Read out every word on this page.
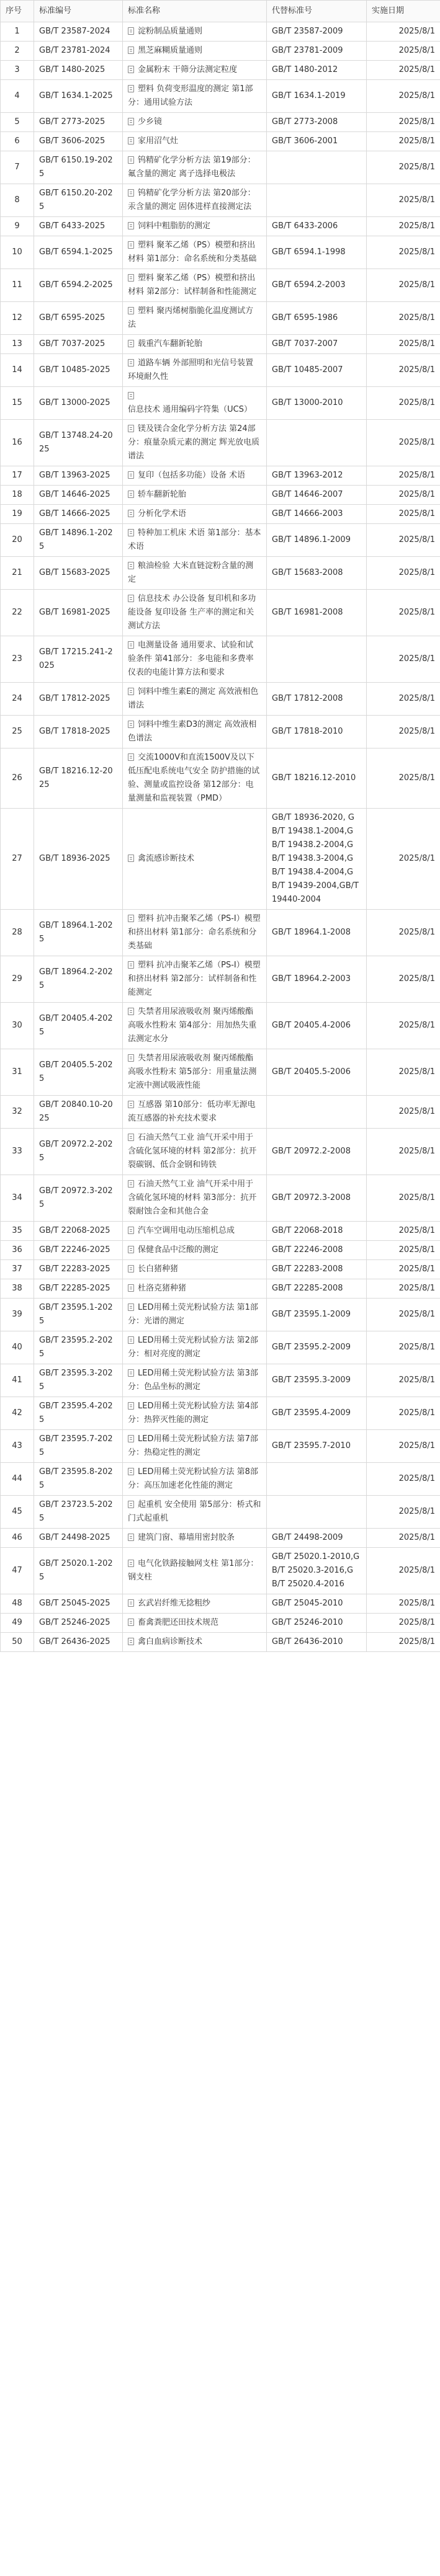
序号	标准编号	标准名称	代替标准号	实施日期
1	GB/T 23587-2024	淀粉制品质量通则	GB/T 23587-2009	2025/8/1
2	GB/T 23781-2024	黑芝麻糊质量通则	GB/T 23781-2009	2025/8/1
3	GB/T 1480-2025	金属粉末 干筛分法测定粒度	GB/T 1480-2012	2025/8/1
4	GB/T 1634.1-2025	塑料 负荷变形温度的测定 第1部分：通用试验方法	GB/T 1634.1-2019	2025/8/1
5	GB/T 2773-2025	少乡镜	GB/T 2773-2008	2025/8/1
6	GB/T 3606-2025	家用沼气灶	GB/T 3606-2001	2025/8/1
7	GB/T 6150.19-2025	钨精矿化学分析方法 第19部分：氟含量的测定 离子选择电极法		2025/8/1
8	GB/T 6150.20-2025	钨精矿化学分析方法 第20部分：汞含量的测定 固体进样直接测定法		2025/8/1
9	GB/T 6433-2025	饲料中粗脂肪的测定	GB/T 6433-2006	2025/8/1
10	GB/T 6594.1-2025	塑料 聚苯乙烯（PS）模塑和挤出材料 第1部分：命名系统和分类基础	GB/T 6594.1-1998	2025/8/1
11	GB/T 6594.2-2025	塑料 聚苯乙烯（PS）模塑和挤出材料 第2部分：试样制备和性能测定	GB/T 6594.2-2003	2025/8/1
12	GB/T 6595-2025	塑料 聚丙烯树脂脆化温度测试方法	GB/T 6595-1986	2025/8/1
13	GB/T 7037-2025	载重汽车翻新轮胎	GB/T 7037-2007	2025/8/1
14	GB/T 10485-2025	道路车辆 外部照明和光信号装置 环境耐久性	GB/T 10485-2007	2025/8/1
15	GB/T 13000-2025	信息技术 通用编码字符集（UCS）	GB/T 13000-2010	2025/8/1
16	GB/T 13748.24-2025	镁及镁合金化学分析方法 第24部分：痕量杂质元素的测定 辉光放电质谱法		2025/8/1
17	GB/T 13963-2025	复印（包括多功能）设备 术语	GB/T 13963-2012	2025/8/1
18	GB/T 14646-2025	轿车翻新轮胎	GB/T 14646-2007	2025/8/1
19	GB/T 14666-2025	分析化学术语	GB/T 14666-2003	2025/8/1
20	GB/T 14896.1-2025	特种加工机床 术语 第1部分：基本术语	GB/T 14896.1-2009	2025/8/1
21	GB/T 15683-2025	粮油检验 大米直链淀粉含量的测定	GB/T 15683-2008	2025/8/1
22	GB/T 16981-2025	信息技术 办公设备 复印机和多功能设备 复印设备 生产率的测定和关测试方法	GB/T 16981-2008	2025/8/1
23	GB/T 17215.241-2025	电测量设备 通用要求、试验和试验条件 第41部分：多电能和多费率仪表的电能计算方法和要求		2025/8/1
24	GB/T 17812-2025	饲料中维生素E的测定 高效液相色谱法	GB/T 17812-2008	2025/8/1
25	GB/T 17818-2025	饲料中维生素D3的测定 高效液相色谱法	GB/T 17818-2010	2025/8/1
26	GB/T 18216.12-2025	交流1000V和直流1500V及以下低压配电系统电气安全 防护措施的试验、测量或监控设备 第12部分：电量测量和监视装置（PMD）	GB/T 18216.12-2010	2025/8/1
27	GB/T 18936-2025	禽流感诊断技术	GB/T 18936-2020, GB/T 19438.1-2004,GB/T 19438.2-2004,GB/T 19438.3-2004,GB/T 19438.4-2004,GB/T 19439-2004,GB/T 19440-2004	2025/8/1
28	GB/T 18964.1-2025	塑料 抗冲击聚苯乙烯（PS-I）模塑和挤出材料 第1部分：命名系统和分类基础	GB/T 18964.1-2008	2025/8/1
29	GB/T 18964.2-2025	塑料 抗冲击聚苯乙烯（PS-I）模塑和挤出材料 第2部分：试样制备和性能测定	GB/T 18964.2-2003	2025/8/1
30	GB/T 20405.4-2025	失禁者用尿液吸收剂 聚丙烯酸酯高吸水性粉末 第4部分：用加热失重法测定水分	GB/T 20405.4-2006	2025/8/1
31	GB/T 20405.5-2025	失禁者用尿液吸收剂 聚丙烯酸酯高吸水性粉末 第5部分：用重量法测定液中测试吸液性能	GB/T 20405.5-2006	2025/8/1
32	GB/T 20840.10-2025	互感器 第10部分：低功率无源电流互感器的补充技术要求		2025/8/1
33	GB/T 20972.2-2025	石油天然气工业 油气开采中用于含硫化氢环境的材料 第2部分：抗开裂碳钢、低合金钢和铸铁	GB/T 20972.2-2008	2025/8/1
34	GB/T 20972.3-2025	石油天然气工业 油气开采中用于含硫化氢环境的材料 第3部分：抗开裂耐蚀合金和其他合金	GB/T 20972.3-2008	2025/8/1
35	GB/T 22068-2025	汽车空调用电动压缩机总成	GB/T 22068-2018	2025/8/1
36	GB/T 22246-2025	保健食品中泛酸的测定	GB/T 22246-2008	2025/8/1
37	GB/T 22283-2025	长白猪种猪	GB/T 22283-2008	2025/8/1
38	GB/T 22285-2025	杜洛克猪种猪	GB/T 22285-2008	2025/8/1
39	GB/T 23595.1-2025	LED用稀土荧光粉试验方法 第1部分：光谱的测定	GB/T 23595.1-2009	2025/8/1
40	GB/T 23595.2-2025	LED用稀土荧光粉试验方法 第2部分：相对亮度的测定	GB/T 23595.2-2009	2025/8/1
41	GB/T 23595.3-2025	LED用稀土荧光粉试验方法 第3部分：色品坐标的测定	GB/T 23595.3-2009	2025/8/1
42	GB/T 23595.4-2025	LED用稀土荧光粉试验方法 第4部分：热猝灭性能的测定	GB/T 23595.4-2009	2025/8/1
43	GB/T 23595.7-2025	LED用稀土荧光粉试验方法 第7部分：热稳定性的测定	GB/T 23595.7-2010	2025/8/1
44	GB/T 23595.8-2025	LED用稀土荧光粉试验方法 第8部分：高压加速老化性能的测定		2025/8/1
45	GB/T 23723.5-2025	起重机 安全使用 第5部分：桥式和门式起重机		2025/8/1
46	GB/T 24498-2025	建筑门窗、幕墙用密封胶条	GB/T 24498-2009	2025/8/1
47	GB/T 25020.1-2025	电气化铁路接触网支柱 第1部分：钢支柱	GB/T 25020.1-2010,GB/T 25020.3-2016,GB/T 25020.4-2016	2025/8/1
48	GB/T 25045-2025	玄武岩纤维无捻粗纱	GB/T 25045-2010	2025/8/1
49	GB/T 25246-2025	畜禽粪肥还田技术规范	GB/T 25246-2010	2025/8/1
50	GB/T 26436-2025	禽白血病诊断技术	GB/T 26436-2010	2025/8/1
